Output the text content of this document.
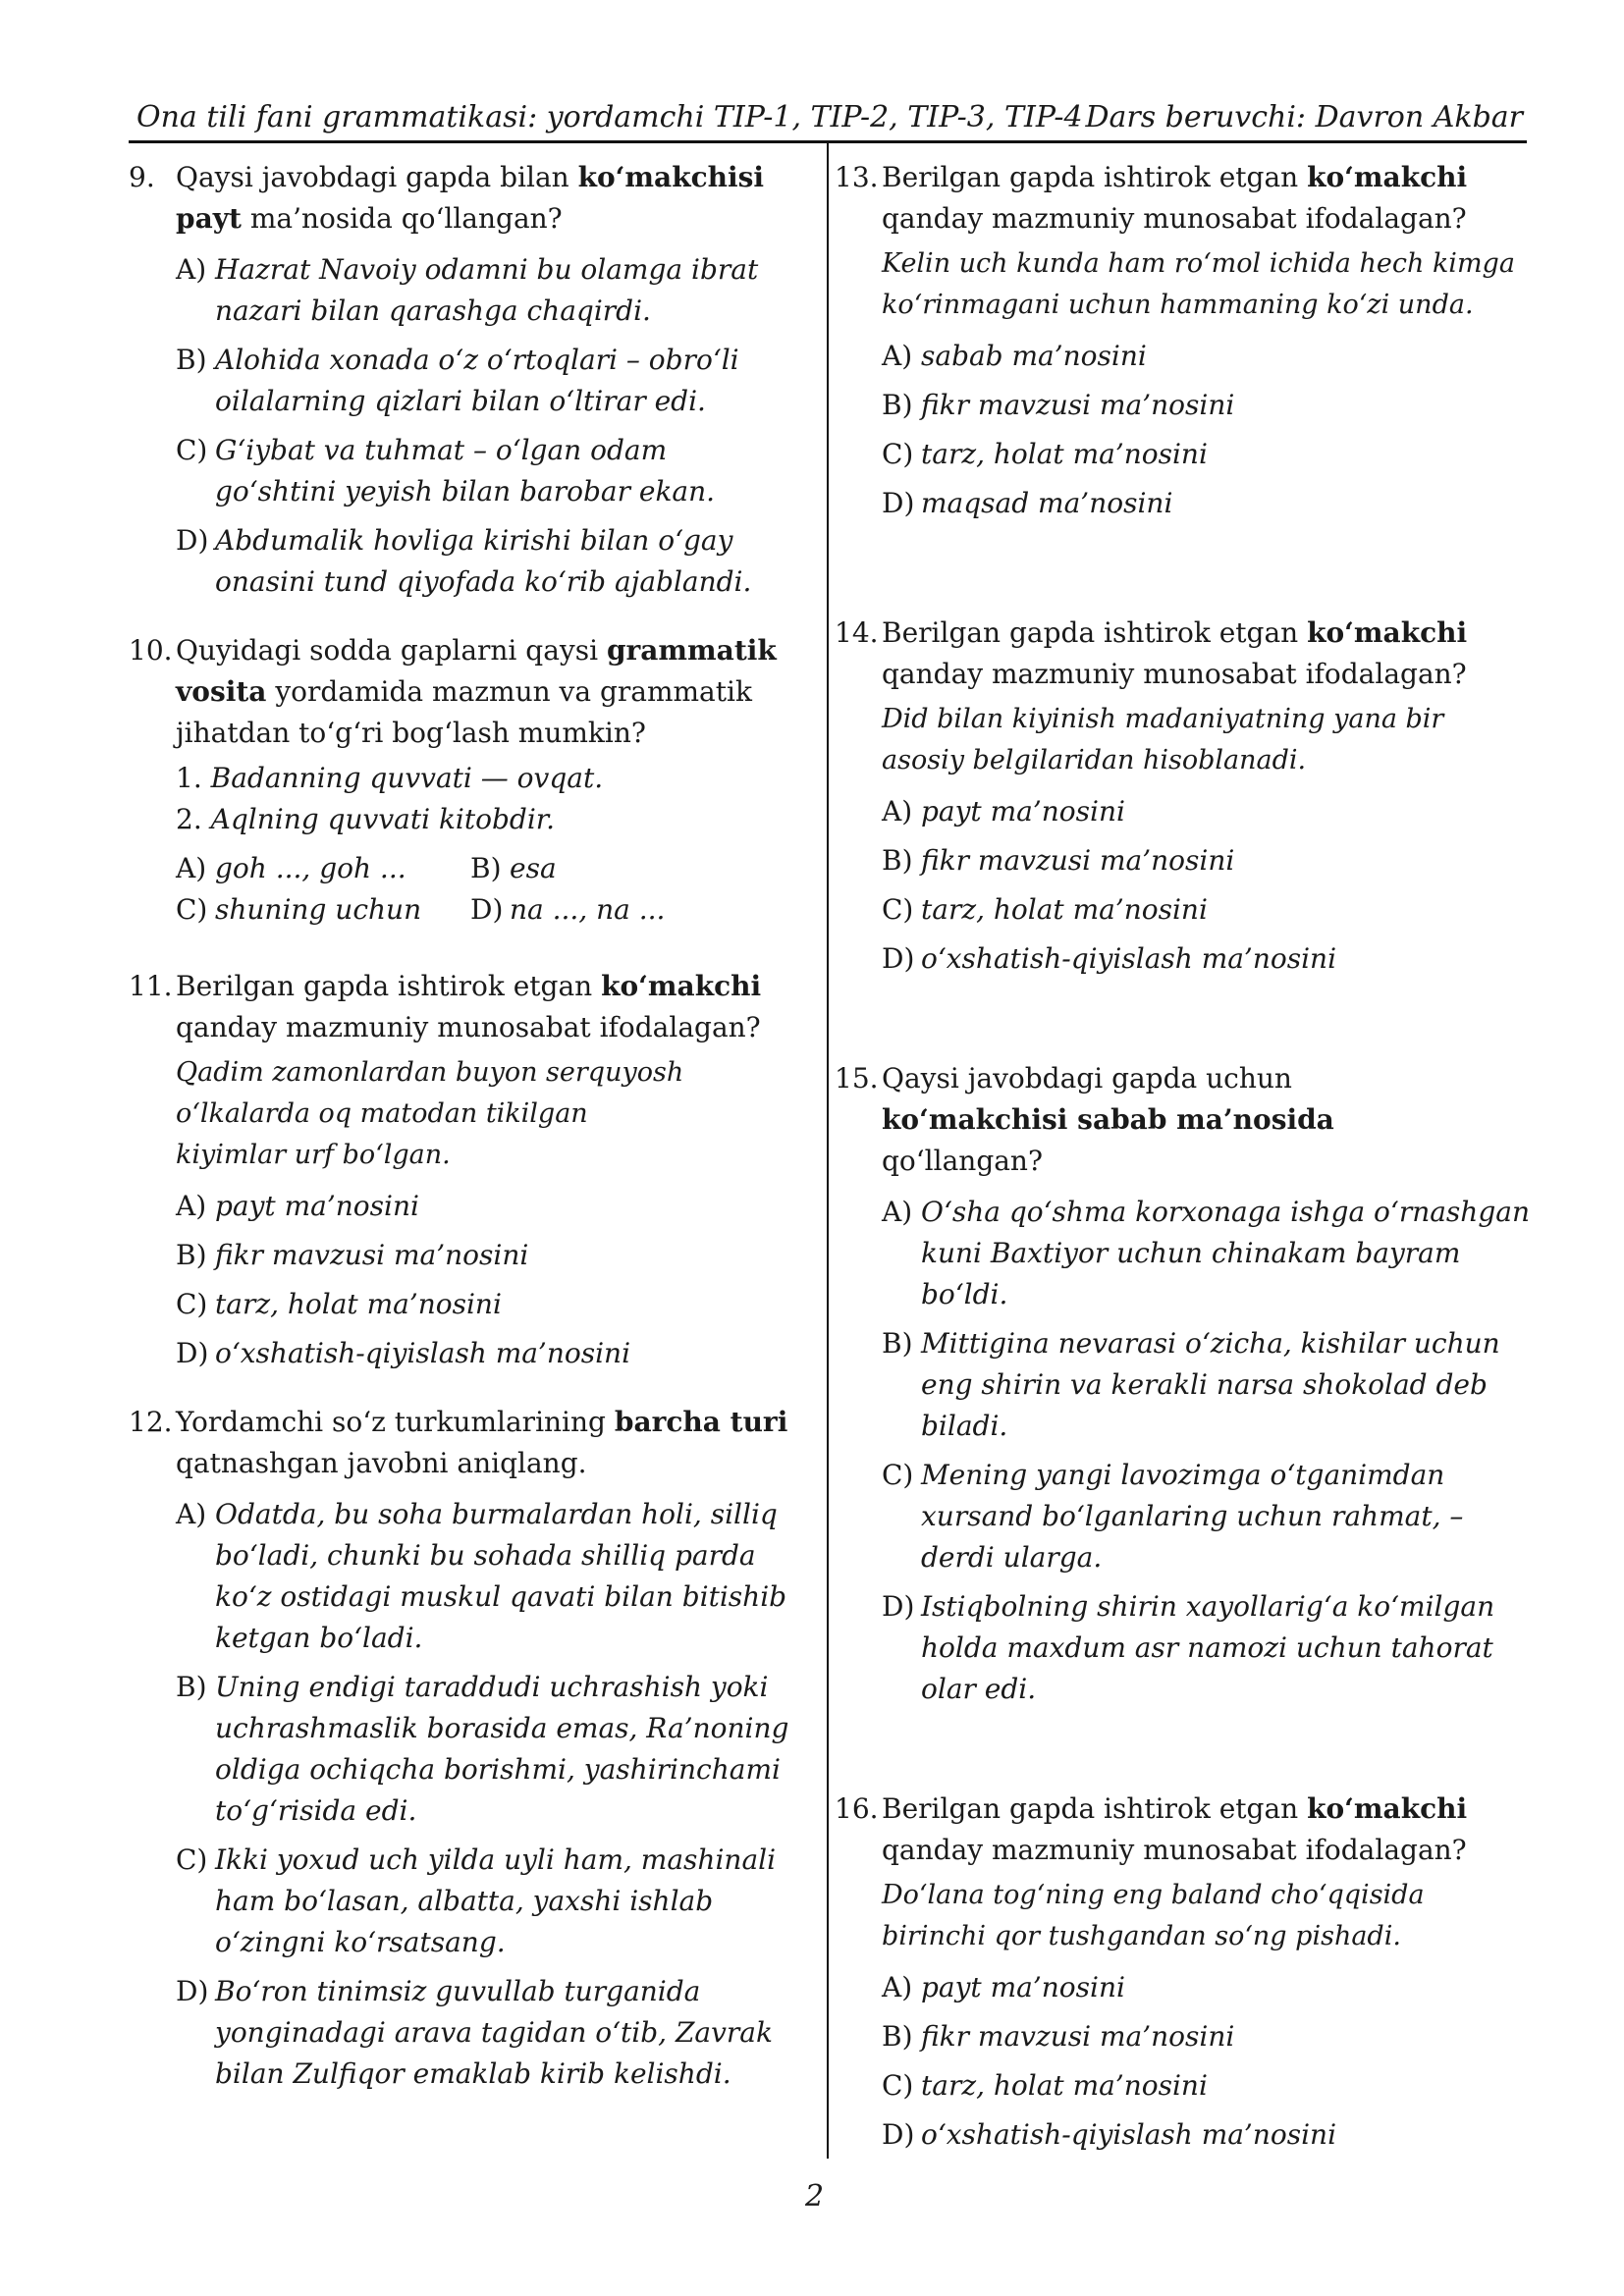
Ona tili fani grammatikasi: yordamchi TIP-1, TIP-2, TIP-3, TIP-4 Dars beruvchi: Davron Akbar
9. Qaysi javobdagi gapda bilan ko‘makchisi payt ma’nosida qo‘llangan?
A) Hazrat Navoiy odamni bu olamga ibrat nazari bilan qarashga chaqirdi.
B) Alohida xonada o‘z o‘rtoqlari – obro‘li oilalarning qizlari bilan o‘ltirar edi.
C) G‘iybat va tuhmat – o‘lgan odam go‘shtini yeyish bilan barobar ekan.
D) Abdumalik hovliga kirishi bilan o‘gay onasini tund qiyofada ko‘rib ajablandi.
10. Quyidagi sodda gaplarni qaysi grammatik vosita yordamida mazmun va grammatik jihatdan to‘g‘ri bog‘lash mumkin?
1. Badanning quvvati — ovqat.
2. Aqlning quvvati kitobdir.
A) goh ..., goh ...	B) esa
C) shuning uchun	D) na ..., na ...
11. Berilgan gapda ishtirok etgan ko‘makchi qanday mazmuniy munosabat ifodalagan?
Qadim zamonlardan buyon serquyosh o‘lkalarda oq matodan tikilgan kiyimlar urf bo‘lgan.
A) payt ma’nosini
B) fikr mavzusi ma’nosini
C) tarz, holat ma’nosini
D) o‘xshatish-qiyislash ma’nosini
12. Yordamchi so‘z turkumlarining barcha turi qatnashgan javobni aniqlang.
A) Odatda, bu soha burmalardan holi, silliq bo‘ladi, chunki bu sohada shilliq parda ko‘z ostidagi muskul qavati bilan bitishib ketgan bo‘ladi.
B) Uning endigi taraddudi uchrashish yoki uchrashmaslik borasida emas, Ra’noning oldiga ochiqcha borishmi, yashirinchami to‘g‘risida edi.
C) Ikki yoxud uch yilda uyli ham, mashinali ham bo‘lasan, albatta, yaxshi ishlab o‘zingni ko‘rsatsang.
D) Bo‘ron tinimsiz guvullab turganida yonginadagi arava tagidan o‘tib, Zavrak bilan Zulfiqor emaklab kirib kelishdi.
13. Berilgan gapda ishtirok etgan ko‘makchi qanday mazmuniy munosabat ifodalagan?
Kelin uch kunda ham ro‘mol ichida hech kimga ko‘rinmagani uchun hammaning ko‘zi unda.
A) sabab ma’nosini
B) fikr mavzusi ma’nosini
C) tarz, holat ma’nosini
D) maqsad ma’nosini
14. Berilgan gapda ishtirok etgan ko‘makchi qanday mazmuniy munosabat ifodalagan?
Did bilan kiyinish madaniyatning yana bir asosiy belgilaridan hisoblanadi.
A) payt ma’nosini
B) fikr mavzusi ma’nosini
C) tarz, holat ma’nosini
D) o‘xshatish-qiyislash ma’nosini
15. Qaysi javobdagi gapda uchun ko‘makchisi sabab ma’nosida qo‘llangan?
A) O‘sha qo‘shma korxonaga ishga o‘rnashgan kuni Baxtiyor uchun chinakam bayram bo‘ldi.
B) Mittigina nevarasi o‘zicha, kishilar uchun eng shirin va kerakli narsa shokolad deb biladi.
C) Mening yangi lavozimga o‘tganimdan xursand bo‘lganlaring uchun rahmat, – derdi ularga.
D) Istiqbolning shirin xayollarig‘a ko‘milgan holda maxdum asr namozi uchun tahorat olar edi.
16. Berilgan gapda ishtirok etgan ko‘makchi qanday mazmuniy munosabat ifodalagan?
Do‘lana tog‘ning eng baland cho‘qqisida birinchi qor tushgandan so‘ng pishadi.
A) payt ma’nosini
B) fikr mavzusi ma’nosini
C) tarz, holat ma’nosini
D) o‘xshatish-qiyislash ma’nosini
2
